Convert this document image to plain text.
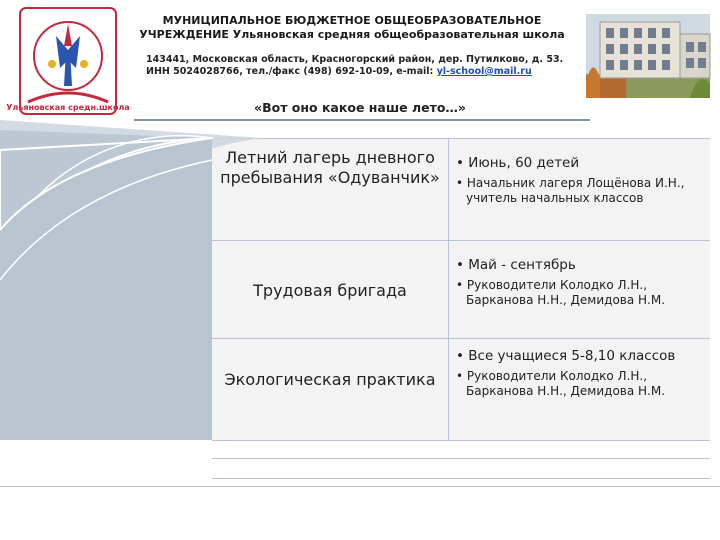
Ульяновская средн.школа
МУНИЦИПАЛЬНОЕ БЮДЖЕТНОЕ ОБЩЕОБРАЗОВАТЕЛЬНОЕ
УЧРЕЖДЕНИЕ Ульяновская средняя общеобразовательная школа
143441, Московская область, Красногорский район, дер. Путилково, д. 53.
ИНН 5024028766, тел./факс (498) 692-10-09, e-mail: yl-school@mail.ru
«Вот оно какое наше лето…»
Летний лагерь дневного пребывания «Одуванчик»
• Июнь, 60 детей
• Начальник лагеря Лощёнова И.Н., учитель начальных классов
Трудовая бригада
• Май - сентябрь
• Руководители Колодко Л.Н., Барканова Н.Н., Демидова Н.М.
Экологическая практика
• Все учащиеся 5-8,10 классов
• Руководители Колодко Л.Н., Барканова Н.Н., Демидова Н.М.
